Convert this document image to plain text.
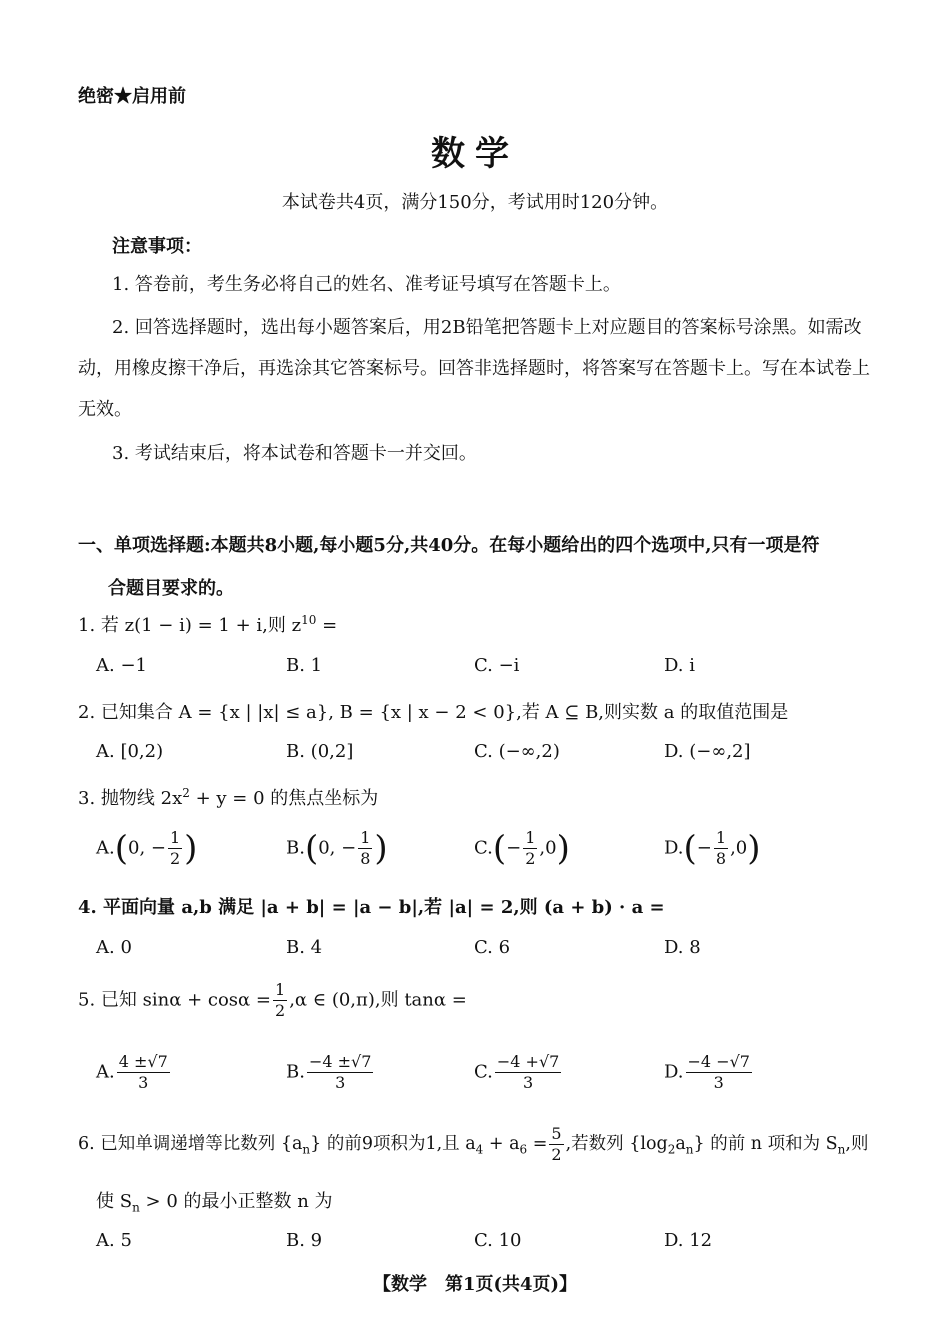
绝密★启用前
数学
本试卷共4页，满分150分，考试用时120分钟。
注意事项：
1. 答卷前，考生务必将自己的姓名、准考证号填写在答题卡上。
2. 回答选择题时，选出每小题答案后，用2B铅笔把答题卡上对应题目的答案标号涂黑。如需改动，用橡皮擦干净后，再选涂其它答案标号。回答非选择题时，将答案写在答题卡上。写在本试卷上无效。
3. 考试结束后，将本试卷和答题卡一并交回。
一、单项选择题:本题共8小题,每小题5分,共40分。在每小题给出的四个选项中,只有一项是符
合题目要求的。
1. 若 z(1 − i) = 1 + i,则 $z^{10}$ =
A. −1	B. 1	C. −i	D. i
2. 已知集合 A = {x | |x| ≤ a}, B = {x | x − 2 < 0},若 A ⊆ B,则实数 a 的取值范围是
A. [0,2)	B. (0,2]	C. (−∞,2)	D. (−∞,2]
3. 抛物线 $2x^2 + y = 0$ 的焦点坐标为
A.(0, − $\frac{1}{2}$ )	B.(0, − $\frac{1}{8}$ )	$C.(- \frac{1}{2} ,0)$	$D.(- \frac{1}{8} ,0)$
4. 平面向量 a,b 满足 |a + b| = |a − b|,若 |a| = 2,则 (a + b) · a =
A. 0	B. 4	C. 6	D. 8
5. 已知 $\sin\alpha + \cos\alpha = \frac{1}{2} ,\alpha$ ∈ (0,π),则 tanα =
A. $\frac{4 \pm√7}{3}$	B. $\frac{-4 \pm√7}{3}$	C. $\frac{-4 +√7}{3}$	D. $\frac{-4 -√7}{3}$
6. 已知单调递增等比数列 $\{a_n\}$ 的前9项积为1,且 $a_4 + a_6 = \frac{5}{2}$ ,若数列 $\{\log_2a_n\}$ 的前 n 项和为 $S_n$,则
使 $S_n > 0$ 的最小正整数 n 为
A. 5	B. 9	C. 10	D. 12
【数学　第1页(共4页)】
